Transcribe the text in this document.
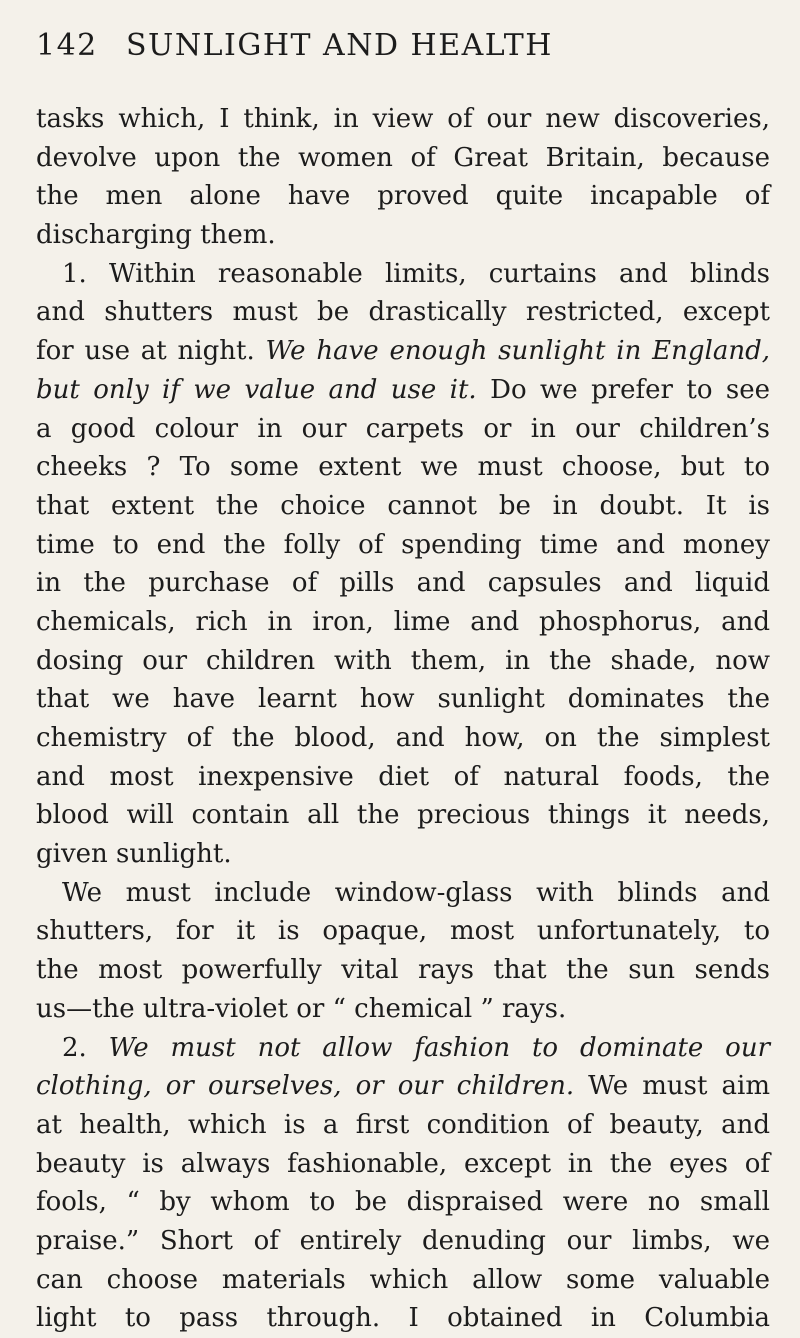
142 SUNLIGHT AND HEALTH
tasks which, I think, in view of our new discoveries,
devolve upon the women of Great Britain, because
the men alone have proved quite incapable of
discharging them.
1. Within reasonable limits, curtains and blinds
and shutters must be drastically restricted, except
for use at night. We have enough sunlight in England,
but only if we value and use it. Do we prefer to see
a good colour in our carpets or in our children’s
cheeks ? To some extent we must choose, but to
that extent the choice cannot be in doubt. It is
time to end the folly of spending time and money
in the purchase of pills and capsules and liquid
chemicals, rich in iron, lime and phosphorus, and
dosing our children with them, in the shade, now
that we have learnt how sunlight dominates the
chemistry of the blood, and how, on the simplest
and most inexpensive diet of natural foods, the
blood will contain all the precious things it needs,
given sunlight.
We must include window-glass with blinds and
shutters, for it is opaque, most unfortunately, to
the most powerfully vital rays that the sun sends
us—the ultra-violet or “ chemical ” rays.
2. We must not allow fashion to dominate our
clothing, or ourselves, or our children. We must aim
at health, which is a first condition of beauty, and
beauty is always fashionable, except in the eyes of
fools, “ by whom to be dispraised were no small
praise.” Short of entirely denuding our limbs, we
can choose materials which allow some valuable
light to pass through. I obtained in Columbia
